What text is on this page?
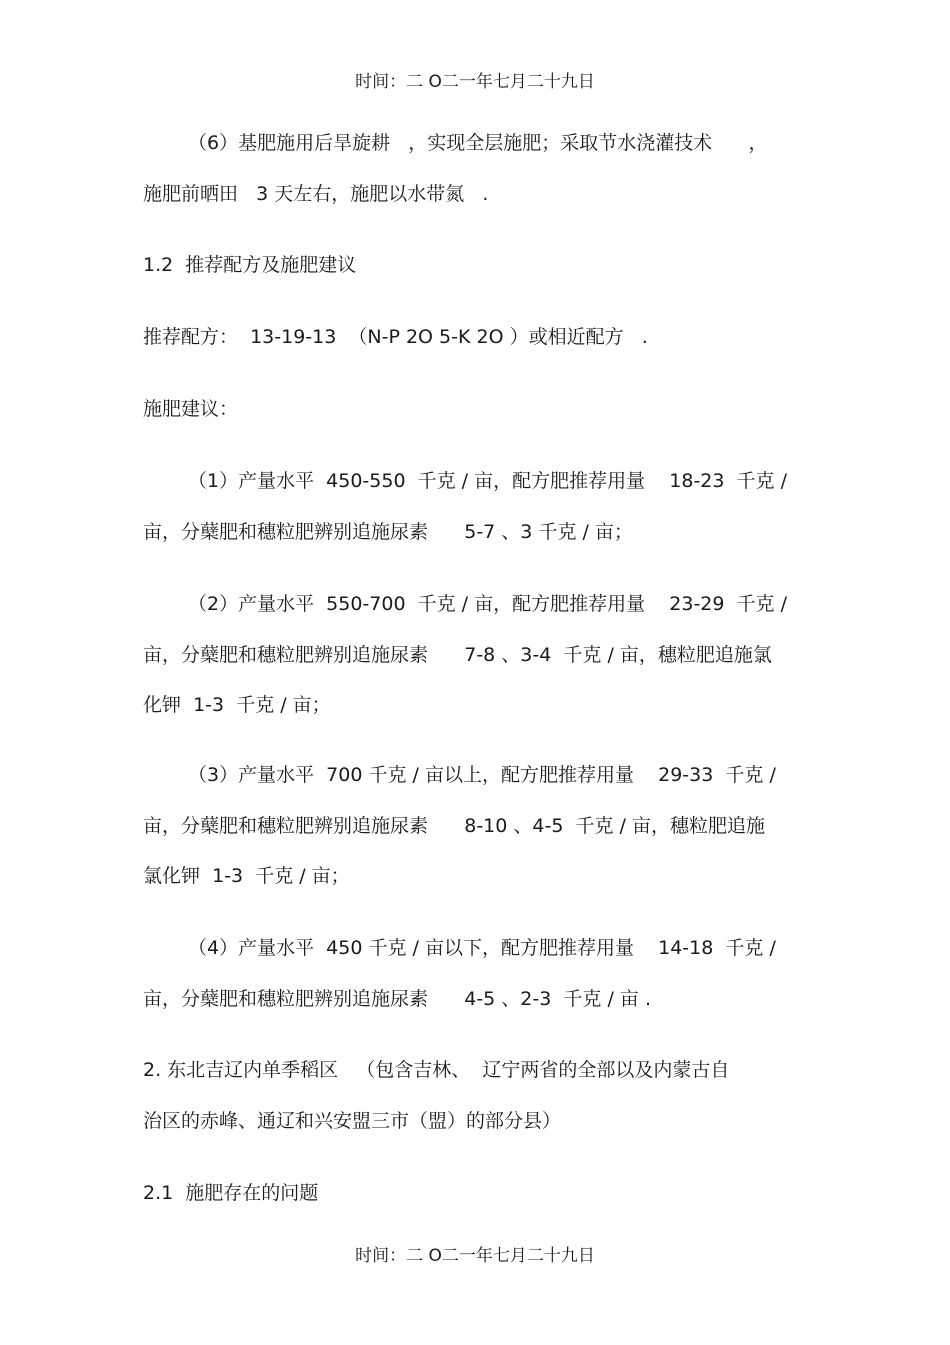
时间：二 O二一年七月二十九日
（6）基肥施用后旱旋耕   ，实现全层施肥；采取节水浇灌技术      ，
施肥前晒田   3 天左右，施肥以水带氮   .
1.2  推荐配方及施肥建议
推荐配方：  13-19-13  （N-P 2O 5-K 2O ）或相近配方   .
施肥建议：
（1）产量水平  450-550  千克 / 亩，配方肥推荐用量    18-23  千克 /
亩，分蘖肥和穗粒肥辨别追施尿素      5-7 、3 千克 / 亩；
（2）产量水平  550-700  千克 / 亩，配方肥推荐用量    23-29  千克 /
亩，分蘖肥和穗粒肥辨别追施尿素      7-8 、3-4  千克 / 亩，穗粒肥追施氯
化钾  1-3  千克 / 亩；
（3）产量水平  700 千克 / 亩以上，配方肥推荐用量    29-33  千克 /
亩，分蘖肥和穗粒肥辨别追施尿素      8-10 、4-5  千克 / 亩，穗粒肥追施
氯化钾  1-3  千克 / 亩；
（4）产量水平  450 千克 / 亩以下，配方肥推荐用量    14-18  千克 /
亩，分蘖肥和穗粒肥辨别追施尿素      4-5 、2-3  千克 / 亩 .
2. 东北吉辽内单季稻区   （包含吉林、  辽宁两省的全部以及内蒙古自
治区的赤峰、通辽和兴安盟三市（盟）的部分县）
2.1  施肥存在的问题
时间：二 O二一年七月二十九日
